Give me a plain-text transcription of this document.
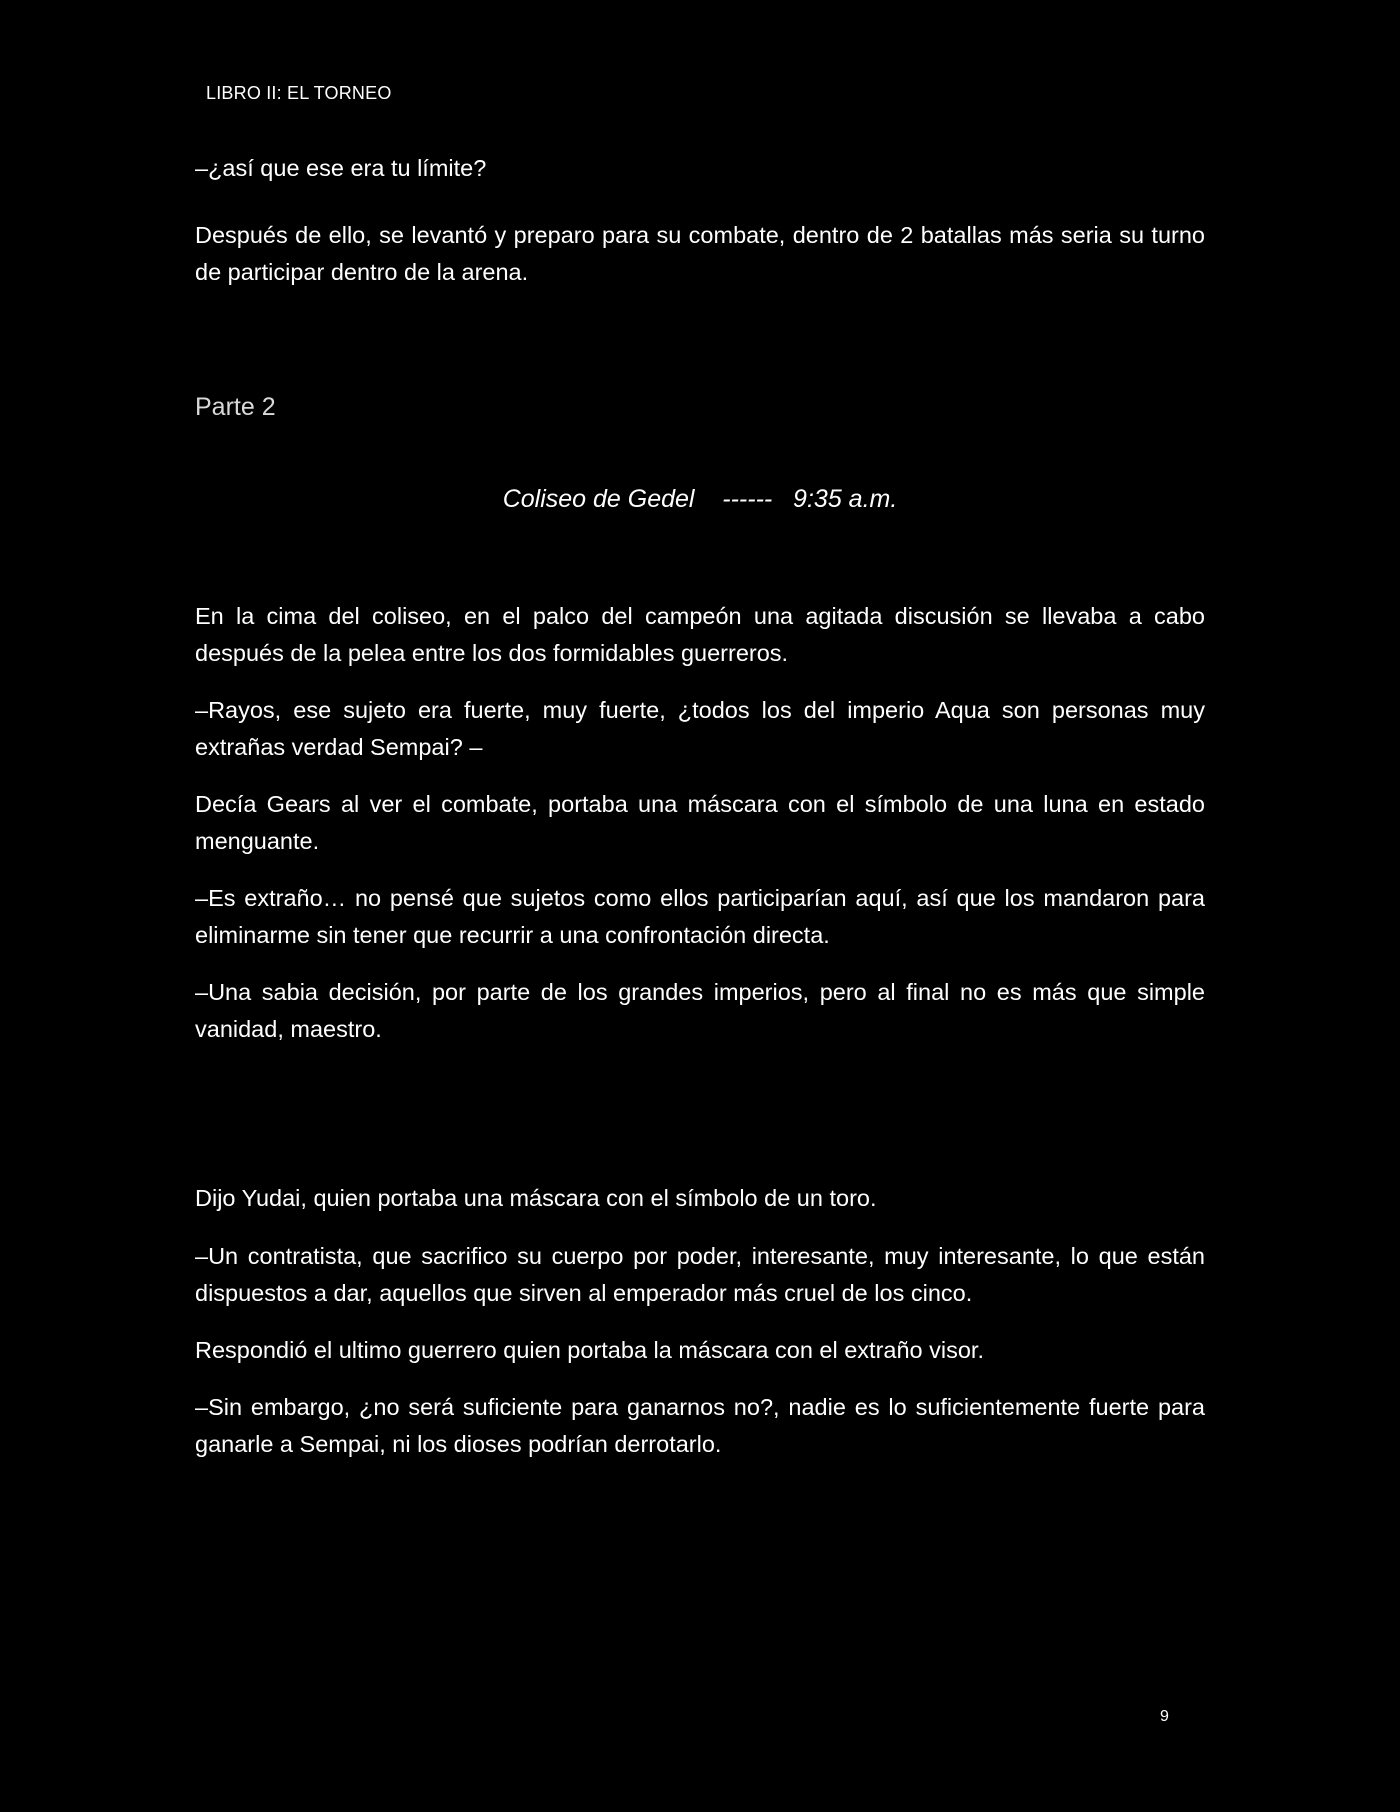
LIBRO II: EL TORNEO

–¿así que ese era tu límite?

Después de ello, se levantó y preparo para su combate, dentro de 2 batallas más seria su turno de participar dentro de la arena.

Parte 2
Coliseo de Gedel    ------   9:35 a.m.

En la cima del coliseo, en el palco del campeón una agitada discusión se llevaba a cabo después de la pelea entre los dos formidables guerreros.

–Rayos, ese sujeto era fuerte, muy fuerte, ¿todos los del imperio Aqua son personas muy extrañas verdad Sempai? –

Decía Gears al ver el combate, portaba una máscara con el símbolo de una luna en estado menguante.

–Es extraño… no pensé que sujetos como ellos participarían aquí, así que los mandaron para eliminarme sin tener que recurrir a una confrontación directa.

–Una sabia decisión, por parte de los grandes imperios, pero al final no es más que simple vanidad, maestro.

Dijo Yudai, quien portaba una máscara con el símbolo de un toro.

–Un contratista, que sacrifico su cuerpo por poder, interesante, muy interesante, lo que están dispuestos a dar, aquellos que sirven al emperador más cruel de los cinco.

Respondió el ultimo guerrero quien portaba la máscara con el extraño visor.

–Sin embargo, ¿no será suficiente para ganarnos no?, nadie es lo suficientemente fuerte para ganarle a Sempai, ni los dioses podrían derrotarlo.

9
